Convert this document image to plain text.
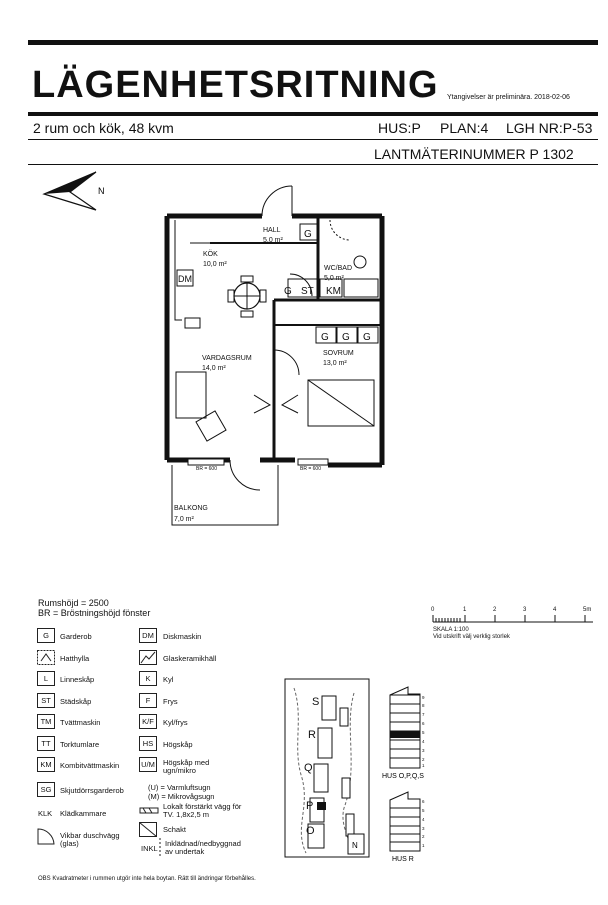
LÄGENHETSRITNING Ytangivelser är preliminära. 2018-02-06
2 rum och kök, 48 kvm	HUS:P PLAN:4 LGH NR:P-53
LANTMÄTERINUMMER P 1302
N
HALL
5,0 m²
KÖK
10,0 m²
WC/BAD
5,0 m²
VARDAGSRUM
14,0 m²
SOVRUM
13,0 m²
BALKONG
7,0 m²
G
G ST KM
G G G
DM
BR = 600	BR = 600
Rumshöjd = 2500
BR = Bröstningshöjd fönster
G	Garderob
Hatthylla
L	Linneskåp
ST	Städskåp
TM	Tvättmaskin
TT	Torktumlare
KM	Kombitvättmaskin
SG	Skjutdörrsgarderob
KLK Klädkammare
Vikbar duschvägg (glas)
DM	Diskmaskin
Glaskeramikhäll
K	Kyl
F	Frys
K/F	Kyl/frys
HS	Högskåp
U/M Högskåp med ugn/mikro
(U) = Varmluftsugn
(M) = Mikrovågsugn
Lokalt förstärkt vägg för TV. 1,8x2,5 m
Schakt
INKL
Inklädnad/nedbyggnad av undertak
0	1	2	3	4	5m
SKALA 1:100
Vid utskrift välj verklig storlek
S
R
Q
P
O
N
9
8
7
6
5
4
3
2
1
6
5
4
3
2
1
HUS O,P,Q,S
HUS R
OBS Kvadratmeter i rummen utgör inte hela boytan. Rätt till ändringar förbehålles.
